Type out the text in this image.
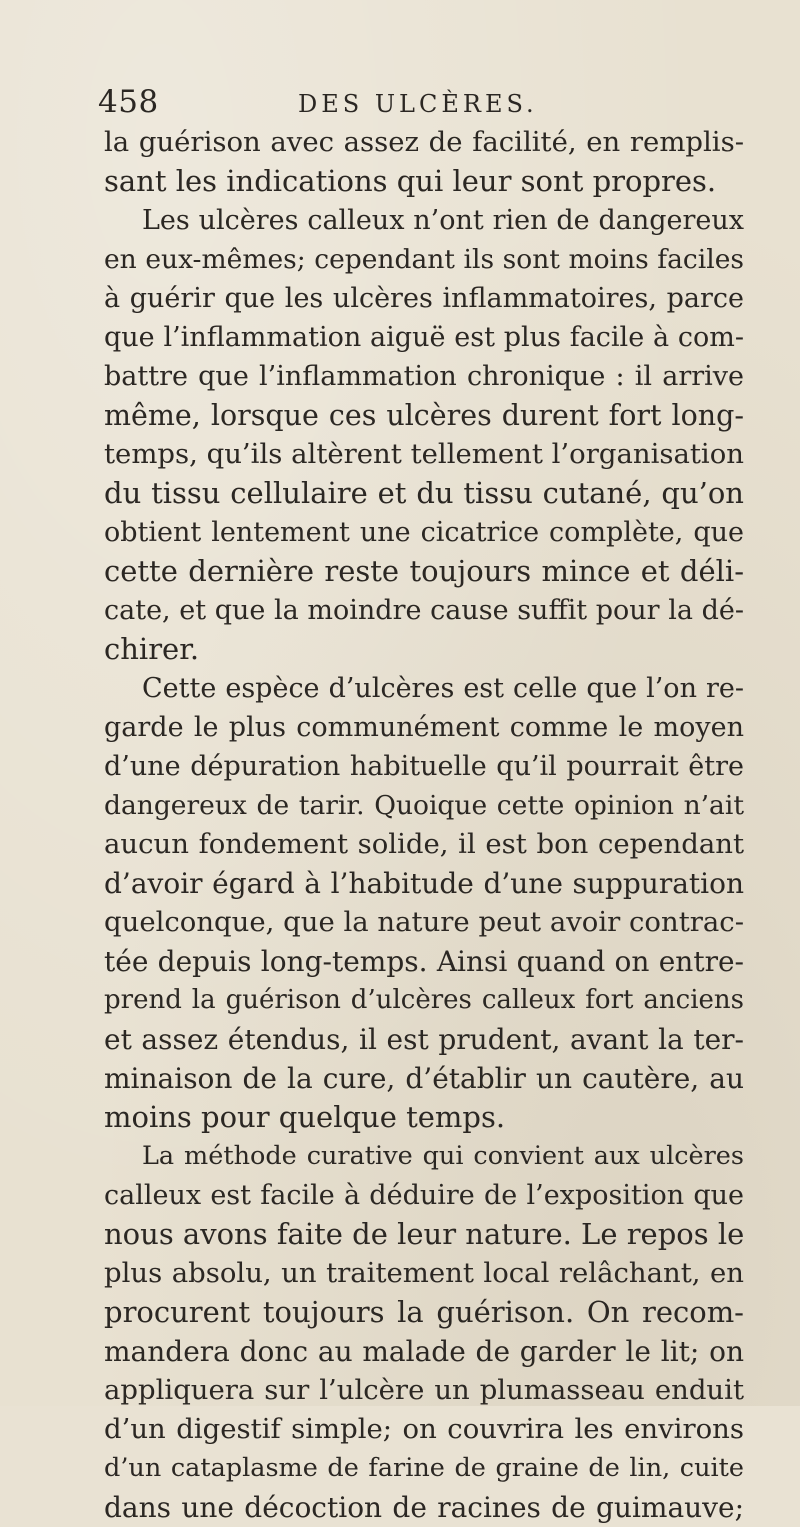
458	DES ULCÈRES.
la guérison avec assez de facilité, en remplis-
sant les indications qui leur sont propres.
Les ulcères calleux n’ont rien de dangereux
en eux-mêmes; cependant ils sont moins faciles
à guérir que les ulcères inflammatoires, parce
que l’inflammation aiguë est plus facile à com-
battre que l’inflammation chronique : il arrive
même, lorsque ces ulcères durent fort long-
temps, qu’ils altèrent tellement l’organisation
du tissu cellulaire et du tissu cutané, qu’on
obtient lentement une cicatrice complète, que
cette dernière reste toujours mince et déli-
cate, et que la moindre cause suffit pour la dé-
chirer.
Cette espèce d’ulcères est celle que l’on re-
garde le plus communément comme le moyen
d’une dépuration habituelle qu’il pourrait être
dangereux de tarir. Quoique cette opinion n’ait
aucun fondement solide, il est bon cependant
d’avoir égard à l’habitude d’une suppuration
quelconque, que la nature peut avoir contrac-
tée depuis long-temps. Ainsi quand on entre-
prend la guérison d’ulcères calleux fort anciens
et assez étendus, il est prudent, avant la ter-
minaison de la cure, d’établir un cautère, au
moins pour quelque temps.
La méthode curative qui convient aux ulcères
calleux est facile à déduire de l’exposition que
nous avons faite de leur nature. Le repos le
plus absolu, un traitement local relâchant, en
procurent toujours la guérison. On recom-
mandera donc au malade de garder le lit; on
appliquera sur l’ulcère un plumasseau enduit
d’un digestif simple; on couvrira les environs
d’un cataplasme de farine de graine de lin, cuite
dans une décoction de racines de guimauve;
